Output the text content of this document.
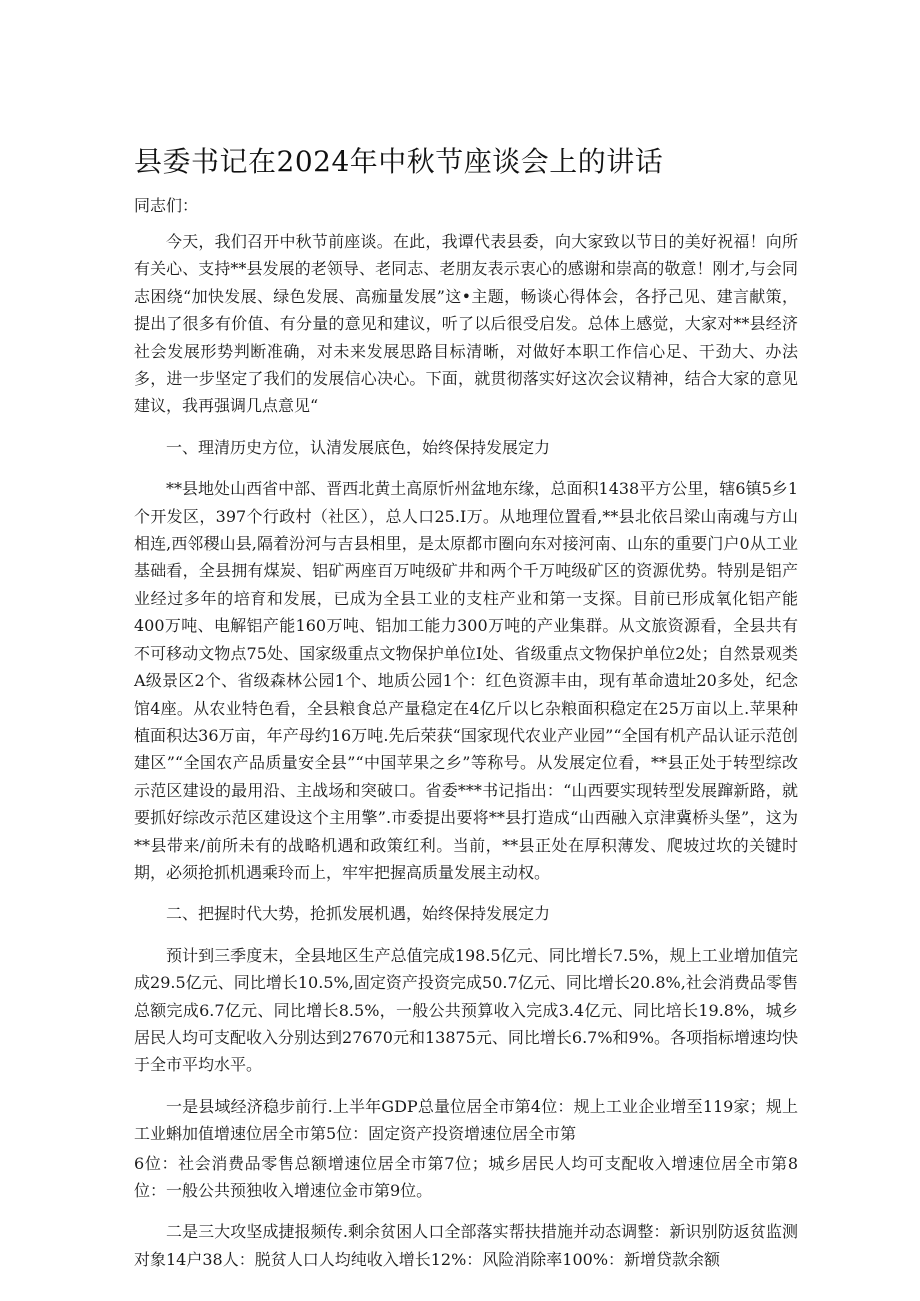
县委书记在2024年中秋节座谈会上的讲话

同志们：

今天，我们召开中秋节前座谈。在此，我谭代表县委，向大家致以节日的美好祝福！向所有关心、支持**县发展的老领导、老同志、老朋友表示衷心的感谢和崇高的敬意！刚才,与会同志困绕“加快发展、绿色发展、高痂量发展”这•主题，畅谈心得体会，各抒己见、建言献策，提出了很多有价值、有分量的意见和建议，听了以后很受启发。总体上感觉，大家对**县经济社会发展形势判断准确，对未来发展思路目标清晰，对做好本职工作信心足、干劲大、办法多，进一步坚定了我们的发展信心决心。下面，就贯彻落实好这次会议精神，结合大家的意见建议，我再强调几点意见“

一、理清历史方位，认清发展底色，始终保持发展定力

**县地处山西省中部、晋西北黄土高原忻州盆地东缘，总面积1438平方公里，辖6镇5乡1个开发区，397个行政村（社区），总人口25.I万。从地理位置看,**县北依吕梁山南魂与方山相连,西邻稷山县,隔着汾河与吉县相里，是太原都市圈向东对接河南、山东的重要门户0从工业基础看，全县拥有煤炭、铝矿两座百万吨级矿井和两个千万吨级矿区的资源优势。特别是铝产业经过多年的培育和发展，已成为全县工业的支柱产业和第一支探。目前已形成氧化铝产能400万吨、电解铝产能160万吨、铝加工能力300万吨的产业集群。从文旅资源看，全县共有不可移动文物点75处、国家级重点文物保护单位I处、省级重点文物保护单位2处；自然景观类A级景区2个、省级森林公园1个、地质公园1个：红色资源丰由，现有革命遗址20多处，纪念馆4座。从农业特色看，全县粮食总产量稳定在4亿斤以匕杂粮面积稳定在25万亩以上.苹果种植面积达36万亩，年产母约16万吨.先后荣获“国家现代农业产业园”“全国有机产品认证示范创建区”“全国农产品质量安全县”“中国苹果之乡”等称号。从发展定位看，**县正处于转型综改示范区建设的最用沿、主战场和突破口。省委***书记指出：“山西要实现转型发展蹿新路，就要抓好综改示范区建设这个主用擎”.市委提出要将**县打造成“山西融入京津冀桥头堡”，这为**县带来/前所未有的战略机遇和政策红利。当前，**县正处在厚积薄发、爬坡过坎的关键时期，必须抢抓机遇乘玲而上，牢牢把握高质量发展主动权。

二、把握时代大势，抢抓发展机遇，始终保持发展定力

预计到三季度末，全县地区生产总值完成198.5亿元、同比增长7.5%，规上工业增加值完成29.5亿元、同比增长10.5%,固定资产投资完成50.7亿元、同比增长20.8%,社会消费品零售总额完成6.7亿元、同比增长8.5%，一般公共预算收入完成3.4亿元、同比培长19.8%，城乡居民人均可支配收入分别达到27670元和13875元、同比增长6.7%和9%。各项指标增速均快于全市平均水平。

一是县域经济稳步前行.上半年GDP总量位居全市第4位：规上工业企业增至119家；规上工业蝌加值增速位居全市第5位：固定资产投资增速位居全市第

6位：社会消费品零售总额增速位居全市第7位；城乡居民人均可支配收入增速位居全市第8位：一般公共预独收入增速位金市第9位。

二是三大攻坚成捷报频传.剩余贫困人口全部落实帮扶措施并动态调整：新识别防返贫监测对象14户38人：脱贫人口人均纯收入增长12%：风险消除率100%：新增贷款余额
